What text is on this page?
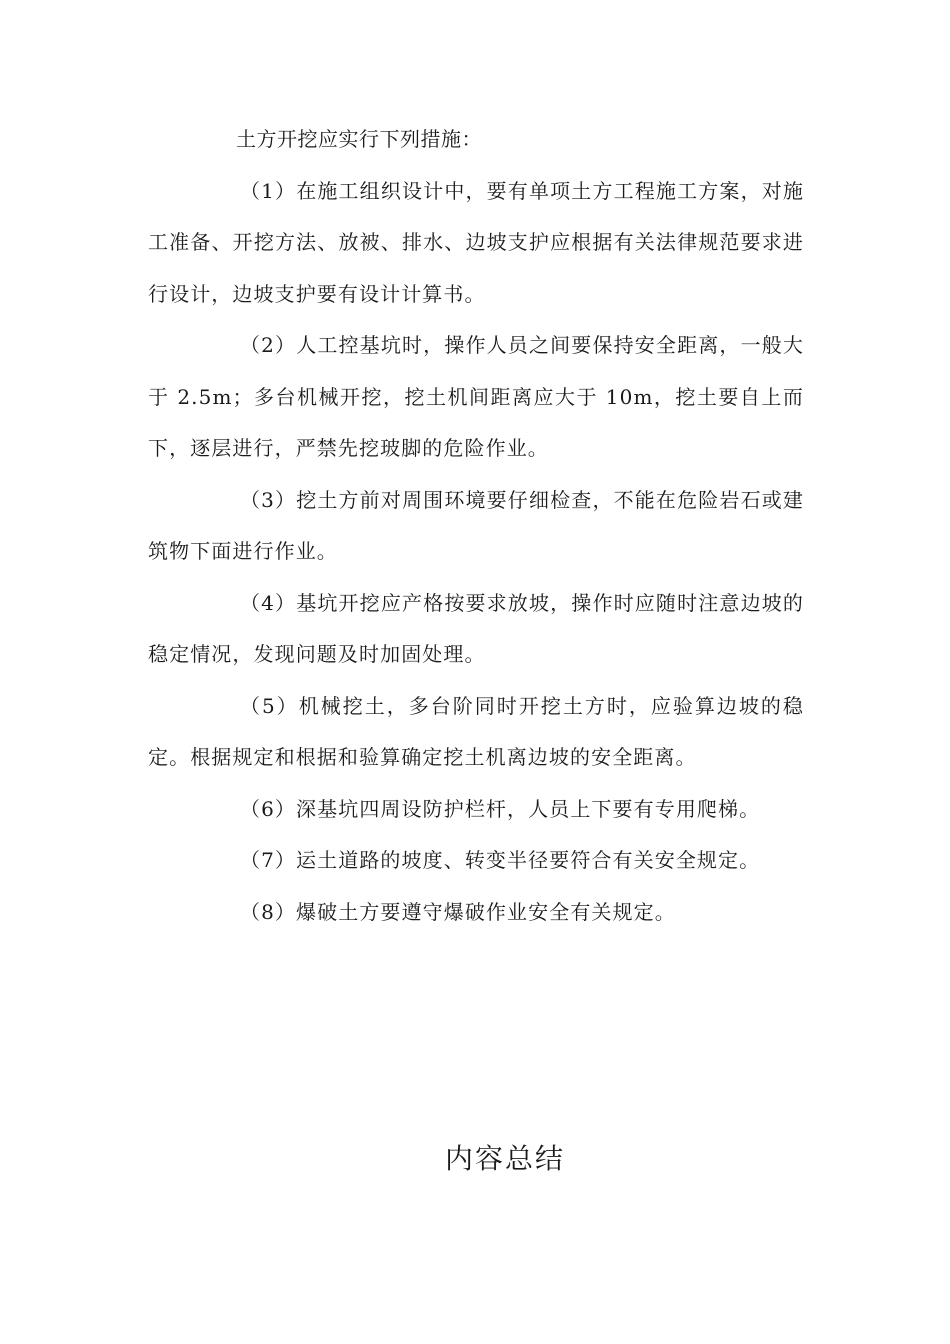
土方开挖应实行下列措施：

（1）在施工组织设计中，要有单项土方工程施工方案，对施工准备、开挖方法、放被、排水、边坡支护应根据有关法律规范要求进行设计，边坡支护要有设计计算书。

（2）人工控基坑时，操作人员之间要保持安全距离，一般大于 2.5m；多台机械开挖，挖土机间距离应大于 10m，挖土要自上而下，逐层进行，严禁先挖玻脚的危险作业。

（3）挖土方前对周围环境要仔细检查，不能在危险岩石或建筑物下面进行作业。

（4）基坑开挖应产格按要求放坡，操作时应随时注意边坡的稳定情况，发现问题及时加固处理。

（5）机械挖土，多台阶同时开挖土方时，应验算边坡的稳定。根据规定和根据和验算确定挖土机离边坡的安全距离。

（6）深基坑四周设防护栏杆，人员上下要有专用爬梯。

（7）运土道路的坡度、转变半径要符合有关安全规定。

（8）爆破土方要遵守爆破作业安全有关规定。

内容总结
